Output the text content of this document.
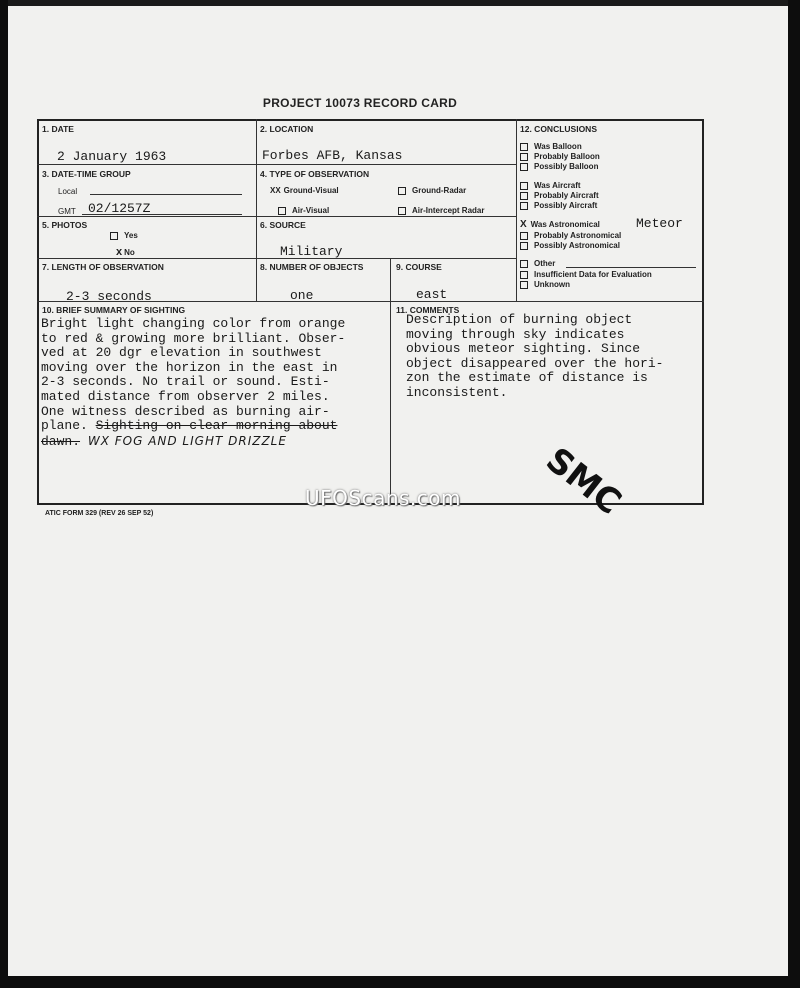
PROJECT 10073 RECORD CARD
1. DATE
2 January 1963
2. LOCATION
Forbes AFB, Kansas
3. DATE-TIME GROUP
Local
GMT 02/1257Z
4. TYPE OF OBSERVATION
XX Ground-Visual	Ground-Radar
Air-Visual	Air-Intercept Radar
5. PHOTOS
Yes
x No
6. SOURCE
Military
7. LENGTH OF OBSERVATION
2-3 seconds
8. NUMBER OF OBJECTS
one
9. COURSE
east
12. CONCLUSIONS
Was Balloon
Probably Balloon
Possibly Balloon
Was Aircraft
Probably Aircraft
Possibly Aircraft
X Was Astronomical	Meteor
Probably Astronomical
Possibly Astronomical
Other
Insufficient Data for Evaluation
Unknown
10. BRIEF SUMMARY OF SIGHTING
Bright light changing color from orange
to red & growing more brilliant. Obser-
ved at 20 dgr elevation in southwest
moving over the horizon in the east in
2-3 seconds. No trail or sound. Esti-
mated distance from observer 2 miles.
One witness described as burning air-
plane. Sighting on clear morning about
dawn. WX FOG AND LIGHT DRIZZLE
11. COMMENTS
Description of burning object
moving through sky indicates
obvious meteor sighting. Since
object disappeared over the hori-
zon the estimate of distance is
inconsistent.
SMC
UFOScans.com
ATIC FORM 329 (REV 26 SEP 52)
